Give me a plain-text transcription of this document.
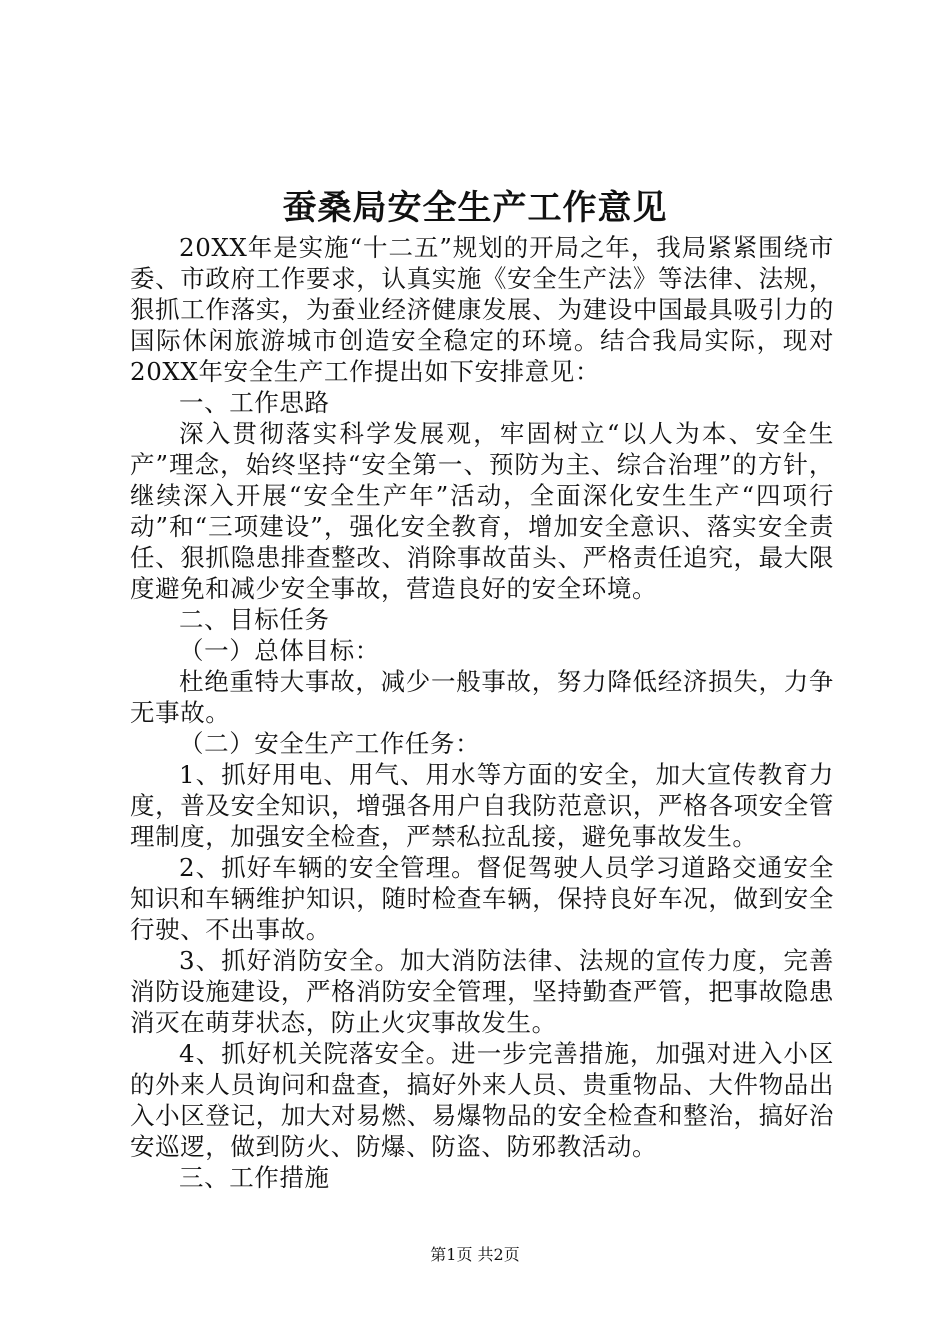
蚕桑局安全生产工作意见

20XX年是实施“十二五”规划的开局之年，我局紧紧围绕市委、市政府工作要求，认真实施《安全生产法》等法律、法规，狠抓工作落实，为蚕业经济健康发展、为建设中国最具吸引力的国际休闲旅游城市创造安全稳定的环境。结合我局实际，现对20XX年安全生产工作提出如下安排意见：

一、工作思路

深入贯彻落实科学发展观，牢固树立“以人为本、安全生产”理念，始终坚持“安全第一、预防为主、综合治理”的方针，继续深入开展“安全生产年”活动，全面深化安生生产“四项行动”和“三项建设”，强化安全教育，增加安全意识、落实安全责任、狠抓隐患排查整改、消除事故苗头、严格责任追究，最大限度避免和减少安全事故，营造良好的安全环境。

二、目标任务

（一）总体目标：

杜绝重特大事故，减少一般事故，努力降低经济损失，力争无事故。

（二）安全生产工作任务：

1、抓好用电、用气、用水等方面的安全，加大宣传教育力度，普及安全知识，增强各用户自我防范意识，严格各项安全管理制度，加强安全检查，严禁私拉乱接，避免事故发生。

2、抓好车辆的安全管理。督促驾驶人员学习道路交通安全知识和车辆维护知识，随时检查车辆，保持良好车况，做到安全行驶、不出事故。

3、抓好消防安全。加大消防法律、法规的宣传力度，完善消防设施建设，严格消防安全管理，坚持勤查严管，把事故隐患消灭在萌芽状态，防止火灾事故发生。

4、抓好机关院落安全。进一步完善措施，加强对进入小区的外来人员询问和盘查，搞好外来人员、贵重物品、大件物品出入小区登记，加大对易燃、易爆物品的安全检查和整治，搞好治安巡逻，做到防火、防爆、防盗、防邪教活动。

三、工作措施

第1页 共2页
